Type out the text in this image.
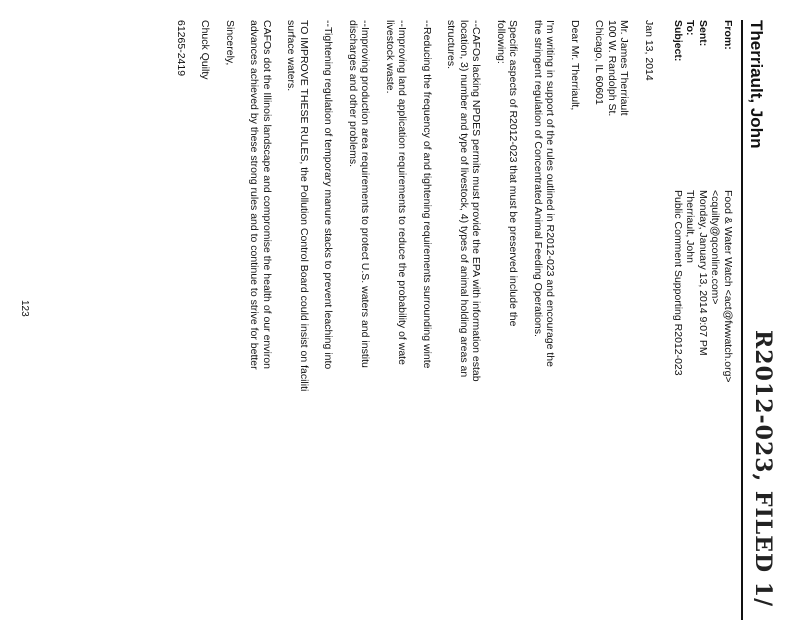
R2012-023, FILED 1/
Therriault, John
From:
Food & Water Watch <act@fwwatch.org>
<cquilty@qconline.com>
Sent:
Monday, January 13, 2014 9:07 PM
To:
Therriault, John
Subject:
Public Comment Supporting R2012-023

Jan 13, 2014

Mr. James Therriault
100 W. Randolph St.
Chicago, IL 60601

Dear Mr. Therriault,

I'm writing in support of the rules outlined in R2012-023 and encourage the
the stringent regulation of Concentrated Animal Feeding Operations.

Specific aspects of R2012-023 that must be preserved include the
following:

--CAFOs lacking NPDES permits must provide the EPA with information estab
location, 3) number and type of livestock, 4) types of animal holding areas an
structures.

--Reducing the frequency of and tightening requirements surrounding winte

--Improving land application requirements to reduce the probability of wate
livestock waste.

--Improving production area requirements to protect U.S. waters and institu
discharges and other problems.

--Tightening regulation of temporary manure stacks to prevent leaching into

TO IMPROVE THESE RULES, the Pollution Control Board could insist on faciliti
surface waters.

CAFOs dot the Illinois landscape and compromise the health of our environ
advances achieved by these strong rules and to continue to strive for better

Sincerely,

Chuck Quilty

61265-2419

123
